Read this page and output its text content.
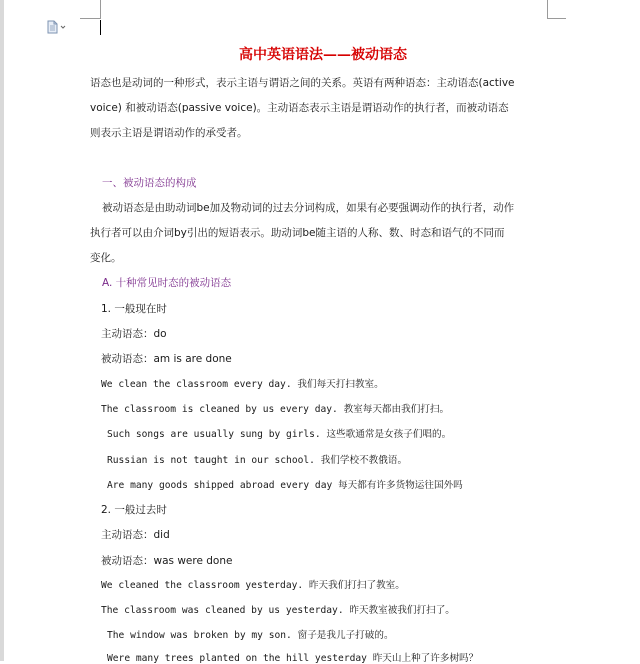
高中英语语法——被动语态
语态也是动词的一种形式，表示主语与谓语之间的关系。英语有两种语态：主动语态(active
voice) 和被动语态(passive voice)。主动语态表示主语是谓语动作的执行者，而被动语态
则表示主语是谓语动作的承受者。
一、被动语态的构成
被动语态是由助动词be加及物动词的过去分词构成，如果有必要强调动作的执行者，动作
执行者可以由介词by引出的短语表示。助动词be随主语的人称、数、时态和语气的不同而
变化。
A. 十种常见时态的被动语态
1. 一般现在时
主动语态：do
被动语态：am is are done
We clean the classroom every day. 我们每天打扫教室。
The classroom is cleaned by us every day. 教室每天都由我们打扫。
Such songs are usually sung by girls. 这些歌通常是女孩子们唱的。
Russian is not taught in our school. 我们学校不教俄语。
Are many goods shipped abroad every day 每天都有许多货物运往国外吗
2. 一般过去时
主动语态：did
被动语态：was were done
We cleaned the classroom yesterday. 昨天我们打扫了教室。
The classroom was cleaned by us yesterday. 昨天教室被我们打扫了。
The window was broken by my son. 窗子是我儿子打破的。
Were many trees planted on the hill yesterday 昨天山上种了许多树吗？
